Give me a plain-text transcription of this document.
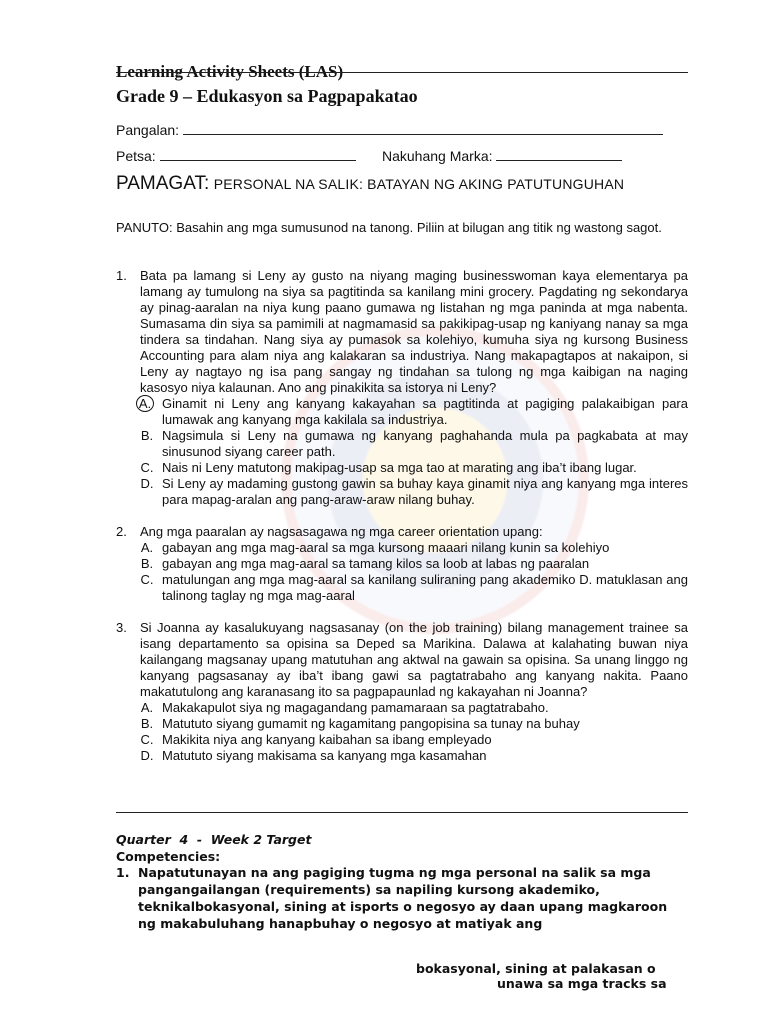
Learning Activity Sheets (LAS)
Grade 9 – Edukasyon sa Pagpapakatao
Pangalan:
Petsa:	Nakuhang Marka:
PAMAGAT: PERSONAL NA SALIK: BATAYAN NG AKING PATUTUNGUHAN

PANUTO: Basahin ang mga sumusunod na tanong. Piliin at bilugan ang titik ng wastong sagot.

1. Bata pa lamang si Leny ay gusto na niyang maging businesswoman kaya elementarya pa lamang ay tumulong na siya sa pagtitinda sa kanilang mini grocery. Pagdating ng sekondarya ay pinag-aaralan na niya kung paano gumawa ng listahan ng mga paninda at mga nabenta. Sumasama din siya sa pamimili at nagmamasid sa pakikipag-usap ng kaniyang nanay sa mga tindera sa tindahan. Nang siya ay pumasok sa kolehiyo, kumuha siya ng kursong Business Accounting para alam niya ang kalakaran sa industriya. Nang makapagtapos at nakaipon, si Leny ay nagtayo ng isa pang sangay ng tindahan sa tulong ng mga kaibigan na naging kasosyo niya kalaunan. Ano ang pinakikita sa istorya ni Leny?

A. Ginamit ni Leny ang kanyang kakayahan sa pagtitinda at pagiging palakaibigan para lumawak ang kanyang mga kakilala sa industriya.
B. Nagsimula si Leny na gumawa ng kanyang paghahanda mula pa pagkabata at may sinusunod siyang career path.
C. Nais ni Leny matutong makipag-usap sa mga tao at marating ang iba’t ibang lugar.
D. Si Leny ay madaming gustong gawin sa buhay kaya ginamit niya ang kanyang mga interes para mapag-aralan ang pang-araw-araw nilang buhay.
2. Ang mga paaralan ay nagsasagawa ng mga career orientation upang:

A. gabayan ang mga mag-aaral sa mga kursong maaari nilang kunin sa kolehiyo
B. gabayan ang mga mag-aaral sa tamang kilos sa loob at labas ng paaralan
C. matulungan ang mga mag-aaral sa kanilang suliraning pang akademiko D. matuklasan ang talinong taglay ng mga mag-aaral
3. Si Joanna ay kasalukuyang nagsasanay (on the job training) bilang management trainee sa isang departamento sa opisina sa Deped sa Marikina. Dalawa at kalahating buwan niya kailangang magsanay upang matutuhan ang aktwal na gawain sa opisina. Sa unang linggo ng kanyang pagsasanay ay iba’t ibang gawi sa pagtatrabaho ang kanyang nakita. Paano makatutulong ang karanasang ito sa pagpapaunlad ng kakayahan ni Joanna?

A. Makakapulot siya ng magagandang pamamaraan sa pagtatrabaho.
B. Matututo siyang gumamit ng kagamitang pangopisina sa tunay na buhay
C. Makikita niya ang kanyang kaibahan sa ibang empleyado
D. Matututo siyang makisama sa kanyang mga kasamahan
Quarter  4  -  Week 2 Target
Competencies:
1. Napatutunayan na ang pagiging tugma ng mga personal na salik sa mga pangangailangan (requirements) sa napiling kursong akademiko, teknikalbokasyonal, sining at isports o negosyo ay daan upang magkaroon ng makabuluhang hanapbuhay o negosyo at matiyak ang
bokasyonal, sining at palakasan o
unawa sa mga tracks sa
